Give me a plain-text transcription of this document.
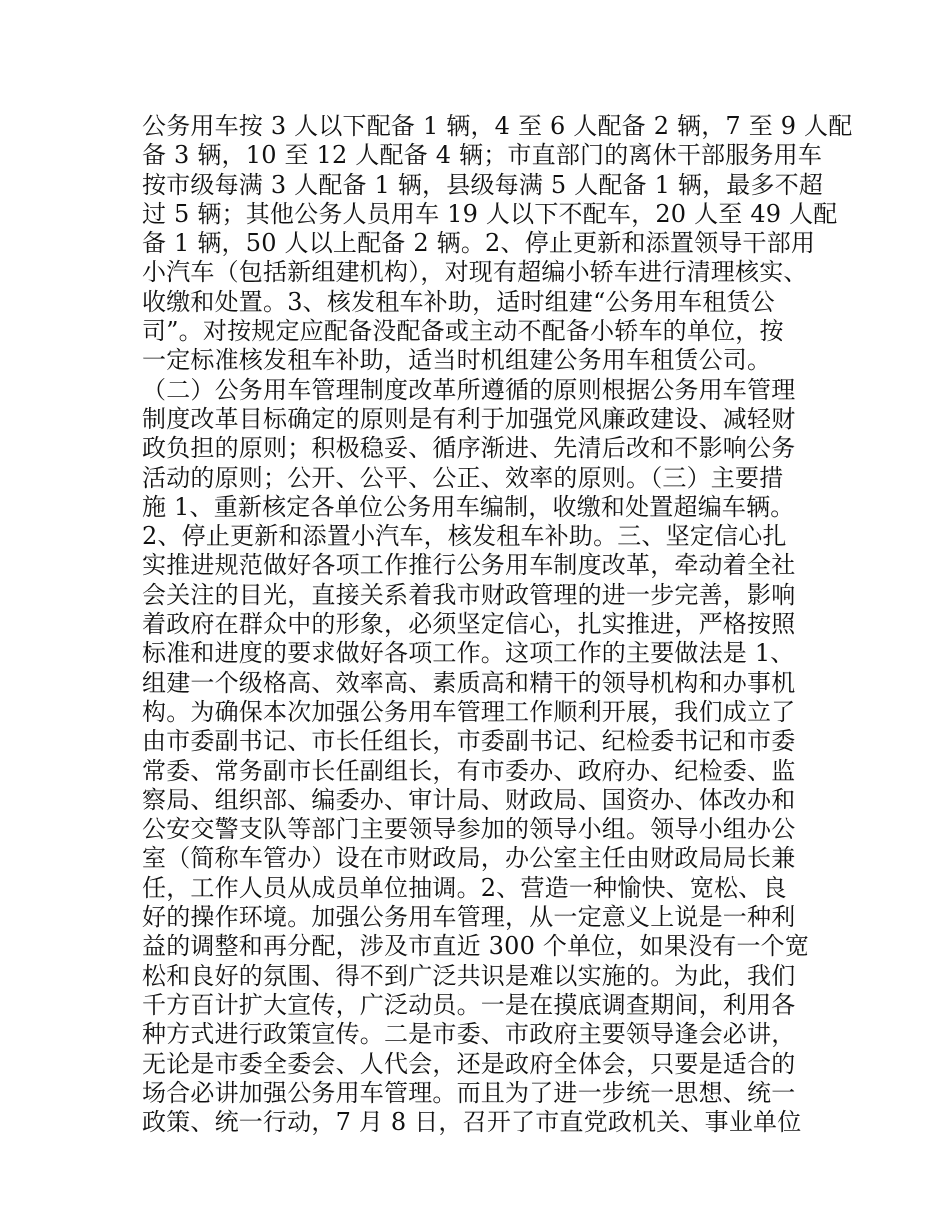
公务用车按 3 人以下配备 1 辆，4 至 6 人配备 2 辆，7 至 9 人配
备 3 辆，10 至 12 人配备 4 辆；市直部门的离休干部服务用车
按市级每满 3 人配备 1 辆，县级每满 5 人配备 1 辆，最多不超
过 5 辆；其他公务人员用车 19 人以下不配车，20 人至 49 人配
备 1 辆，50 人以上配备 2 辆。2、停止更新和添置领导干部用
小汽车（包括新组建机构），对现有超编小轿车进行清理核实、
收缴和处置。3、核发租车补助，适时组建“公务用车租赁公
司”。对按规定应配备没配备或主动不配备小轿车的单位，按
一定标准核发租车补助，适当时机组建公务用车租赁公司。
（二）公务用车管理制度改革所遵循的原则根据公务用车管理
制度改革目标确定的原则是有利于加强党风廉政建设、减轻财
政负担的原则；积极稳妥、循序渐进、先清后改和不影响公务
活动的原则；公开、公平、公正、效率的原则。（三）主要措
施 1、重新核定各单位公务用车编制，收缴和处置超编车辆。
2、停止更新和添置小汽车，核发租车补助。三、坚定信心扎
实推进规范做好各项工作推行公务用车制度改革，牵动着全社
会关注的目光，直接关系着我市财政管理的进一步完善，影响
着政府在群众中的形象，必须坚定信心，扎实推进，严格按照
标准和进度的要求做好各项工作。这项工作的主要做法是 1、
组建一个级格高、效率高、素质高和精干的领导机构和办事机
构。为确保本次加强公务用车管理工作顺利开展，我们成立了
由市委副书记、市长任组长，市委副书记、纪检委书记和市委
常委、常务副市长任副组长，有市委办、政府办、纪检委、监
察局、组织部、编委办、审计局、财政局、国资办、体改办和
公安交警支队等部门主要领导参加的领导小组。领导小组办公
室（简称车管办）设在市财政局，办公室主任由财政局局长兼
任，工作人员从成员单位抽调。2、营造一种愉快、宽松、良
好的操作环境。加强公务用车管理，从一定意义上说是一种利
益的调整和再分配，涉及市直近 300 个单位，如果没有一个宽
松和良好的氛围、得不到广泛共识是难以实施的。为此，我们
千方百计扩大宣传，广泛动员。一是在摸底调查期间，利用各
种方式进行政策宣传。二是市委、市政府主要领导逢会必讲，
无论是市委全委会、人代会，还是政府全体会，只要是适合的
场合必讲加强公务用车管理。而且为了进一步统一思想、统一
政策、统一行动，7 月 8 日，召开了市直党政机关、事业单位
